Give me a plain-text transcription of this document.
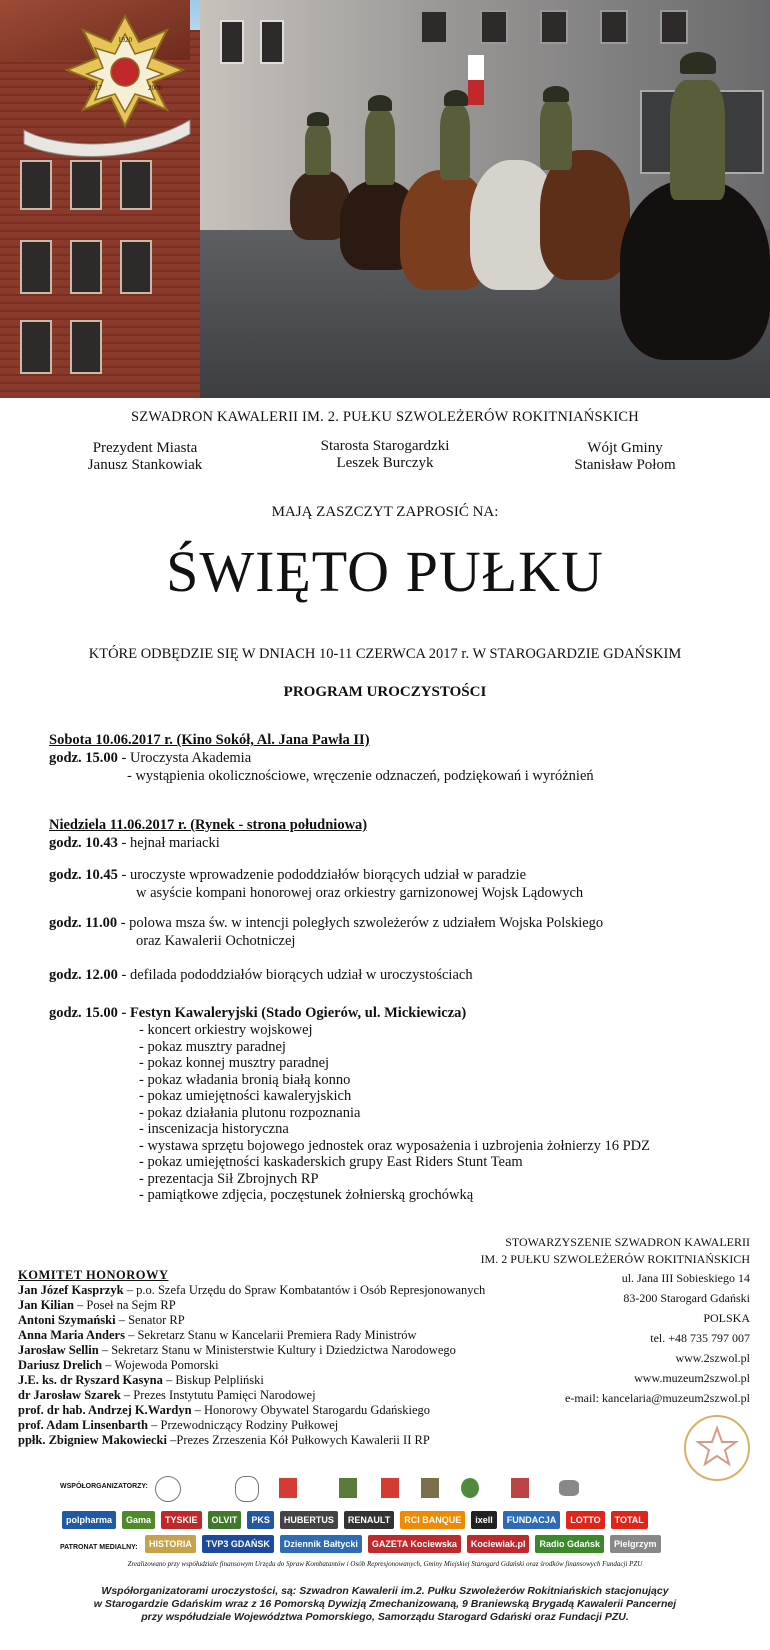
1920
1917	2006
SZWADRON KAWALERII IM. 2. PUŁKU SZWOLEŻERÓW ROKITNIAŃSKICH
Prezydent Miasta
Janusz Stankowiak
Starosta Starogardzki
Leszek Burczyk
Wójt Gminy
Stanisław Połom
MAJĄ ZASZCZYT ZAPROSIĆ NA:
ŚWIĘTO PUŁKU
KTÓRE ODBĘDZIE SIĘ W DNIACH 10-11 CZERWCA 2017 r. W STAROGARDZIE GDAŃSKIM
PROGRAM UROCZYSTOŚCI
Sobota 10.06.2017 r. (Kino Sokół, Al. Jana Pawła II)
godz. 15.00 - Uroczysta Akademia
- wystąpienia okolicznościowe, wręczenie odznaczeń, podziękowań i wyróżnień
Niedziela 11.06.2017 r. (Rynek - strona południowa)
godz. 10.43 - hejnał mariacki
godz. 10.45 - uroczyste wprowadzenie pododdziałów biorących udział w paradzie
w asyście kompani honorowej oraz orkiestry garnizonowej Wojsk Lądowych
godz. 11.00 - polowa msza św. w intencji poległych szwoleżerów z udziałem Wojska Polskiego
oraz Kawalerii Ochotniczej
godz. 12.00 - defilada pododdziałów biorących udział w uroczystościach
godz. 15.00 - Festyn Kawaleryjski (Stado Ogierów, ul. Mickiewicza)
- koncert orkiestry wojskowej
- pokaz musztry paradnej
- pokaz konnej musztry paradnej
- pokaz władania bronią białą konno
- pokaz umiejętności kawaleryjskich
- pokaz działania plutonu rozpoznania
- inscenizacja historyczna
- wystawa sprzętu bojowego jednostek oraz wyposażenia i uzbrojenia żołnierzy 16 PDZ
- pokaz umiejętności kaskaderskich grupy East Riders Stunt Team
- prezentacja Sił Zbrojnych RP
- pamiątkowe zdjęcia, poczęstunek żołnierską grochówką
STOWARZYSZENIE SZWADRON KAWALERII
IM. 2 PUŁKU SZWOLEŻERÓW ROKITNIAŃSKICH
ul. Jana III Sobieskiego 14
83-200 Starogard Gdański
POLSKA
tel. +48 735 797 007
www.2szwol.pl
www.muzeum2szwol.pl
e-mail: kancelaria@muzeum2szwol.pl
KOMITET HONOROWY
Jan Józef Kasprzyk – p.o. Szefa Urzędu do Spraw Kombatantów i Osób Represjonowanych
Jan Kilian – Poseł na Sejm RP
Antoni Szymański – Senator RP
Anna Maria Anders – Sekretarz Stanu w Kancelarii Premiera Rady Ministrów
Jarosław Sellin – Sekretarz Stanu w Ministerstwie Kultury i Dziedzictwa Narodowego
Dariusz Drelich – Wojewoda Pomorski
J.E. ks. dr Ryszard Kasyna – Biskup Pelpliński
dr Jarosław Szarek – Prezes Instytutu Pamięci Narodowej
prof. dr hab. Andrzej K.Wardyn – Honorowy Obywatel Starogardu Gdańskiego
prof. Adam Linsenbarth – Przewodniczący Rodziny Pułkowej
ppłk. Zbigniew Makowiecki –Prezes Zrzeszenia Kół Pułkowych Kawalerii II RP
WSPÓŁORGANIZATORZY:
polpharma Gama TYSKIE OLVIT PKS HUBERTUS RENAULT RCI BANQUE ixell FUNDACJA LOTTO TOTAL
PATRONAT MEDIALNY:	HISTORIA TVP3 GDAŃSK Dziennik Bałtycki GAZETA Kociewska Kociewiak.pl Radio Gdańsk Pielgrzym
Zrealizowano przy współudziale finansowym Urzędu do Spraw Kombatantów i Osób Represjonowanych, Gminy Miejskiej Starogard Gdański oraz środków finansowych Fundacji PZU
Współorganizatorami uroczystości, są: Szwadron Kawalerii im.2. Pułku Szwoleżerów Rokitniańskich stacjonujący
w Starogardzie Gdańskim wraz z 16 Pomorską Dywizją Zmechanizowaną, 9 Braniewską Brygadą Kawalerii Pancernej
przy współudziale Województwa Pomorskiego, Samorządu Starogard Gdański oraz Fundacji PZU.
